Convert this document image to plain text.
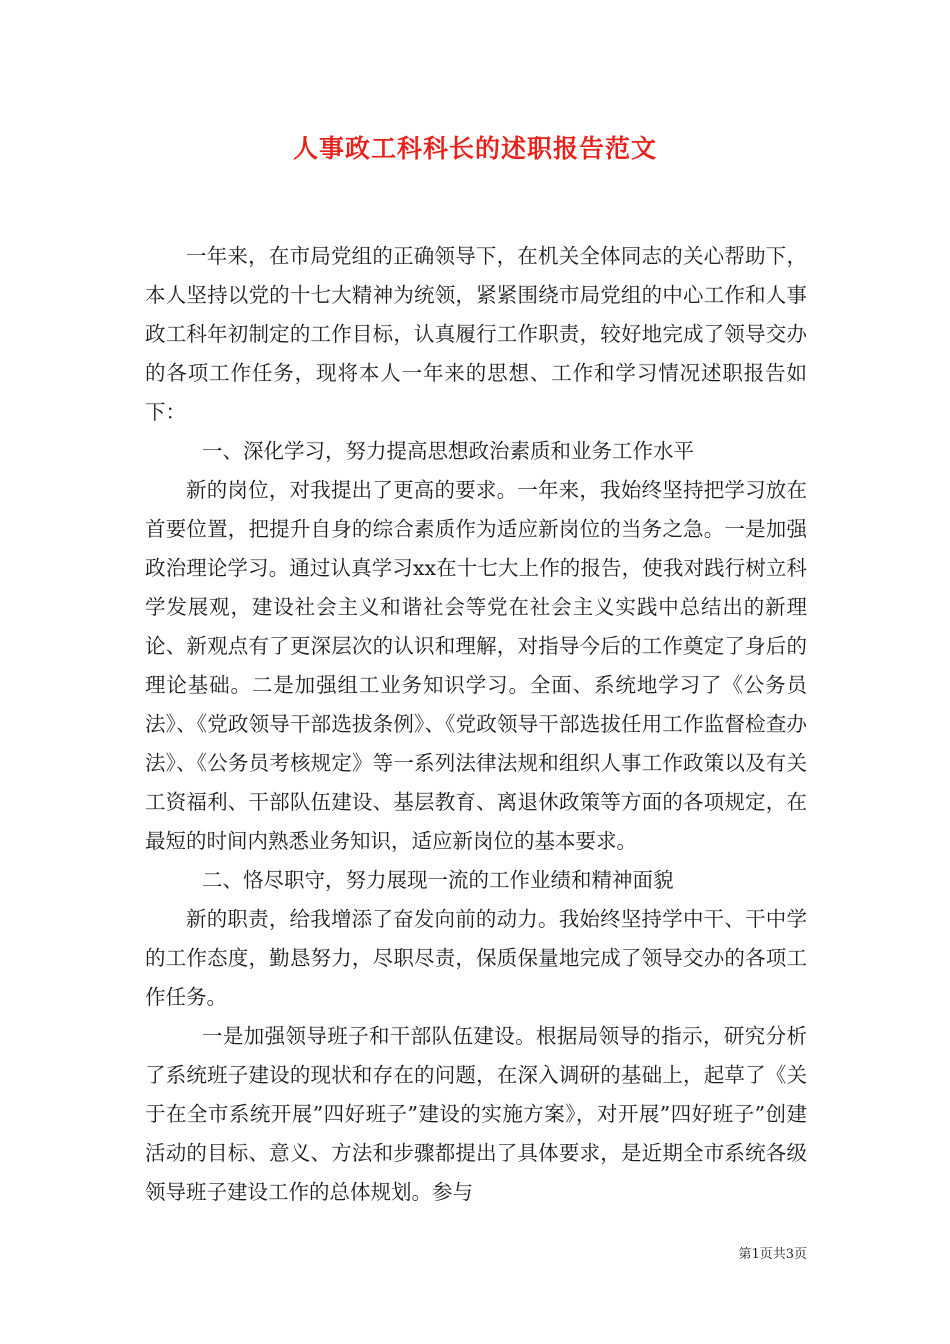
人事政工科科长的述职报告范文

一年来，在市局党组的正确领导下，在机关全体同志的关心帮助下，本人坚持以党的十七大精神为统领，紧紧围绕市局党组的中心工作和人事政工科年初制定的工作目标，认真履行工作职责，较好地完成了领导交办的各项工作任务，现将本人一年来的思想、工作和学习情况述职报告如下：

一、深化学习，努力提高思想政治素质和业务工作水平

新的岗位，对我提出了更高的要求。一年来，我始终坚持把学习放在首要位置，把提升自身的综合素质作为适应新岗位的当务之急。一是加强政治理论学习。通过认真学习xx在十七大上作的报告，使我对践行树立科学发展观，建设社会主义和谐社会等党在社会主义实践中总结出的新理论、新观点有了更深层次的认识和理解，对指导今后的工作奠定了身后的理论基础。二是加强组工业务知识学习。全面、系统地学习了《公务员法》、《党政领导干部选拔条例》、《党政领导干部选拔任用工作监督检查办法》、《公务员考核规定》等一系列法律法规和组织人事工作政策以及有关工资福利、干部队伍建设、基层教育、离退休政策等方面的各项规定，在最短的时间内熟悉业务知识，适应新岗位的基本要求。

二、恪尽职守，努力展现一流的工作业绩和精神面貌

新的职责，给我增添了奋发向前的动力。我始终坚持学中干、干中学的工作态度，勤恳努力，尽职尽责，保质保量地完成了领导交办的各项工作任务。

一是加强领导班子和干部队伍建设。根据局领导的指示，研究分析了系统班子建设的现状和存在的问题，在深入调研的基础上，起草了《关于在全市系统开展”四好班子”建设的实施方案》，对开展”四好班子”创建活动的目标、意义、方法和步骤都提出了具体要求，是近期全市系统各级领导班子建设工作的总体规划。参与

第1页共3页
